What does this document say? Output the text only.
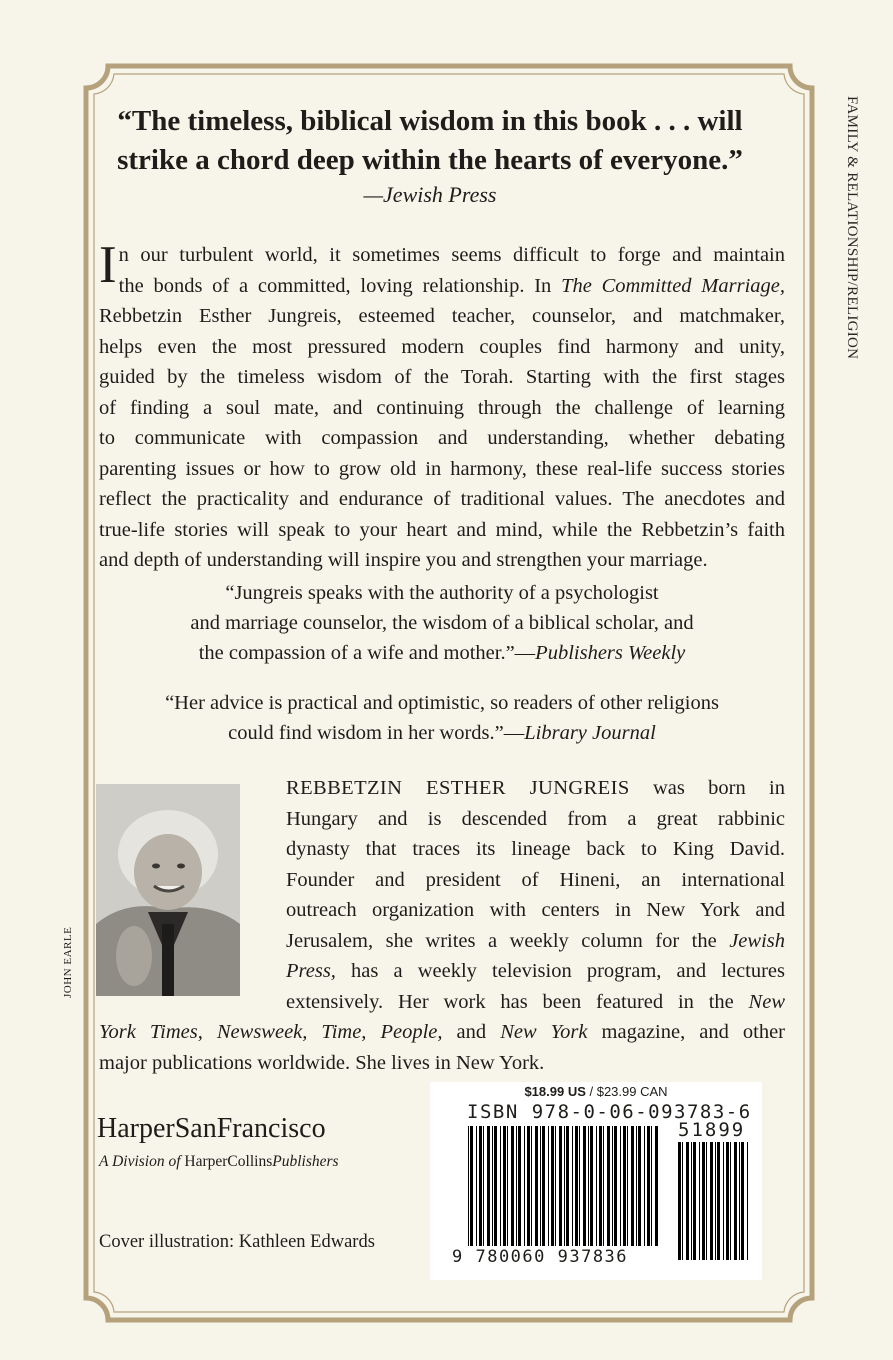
FAMILY & RELATIONSHIP/RELIGION
“The timeless, biblical wisdom in this book . . . will
strike a chord deep within the hearts of everyone.”
—Jewish Press
I n our turbulent world, it sometimes seems difficult to forge and maintain
the bonds of a committed, loving relationship. In The Committed Marriage,
Rebbetzin Esther Jungreis, esteemed teacher, counselor, and matchmaker,
helps even the most pressured modern couples find harmony and unity,
guided by the timeless wisdom of the Torah. Starting with the first stages
of finding a soul mate, and continuing through the challenge of learning
to communicate with compassion and understanding, whether debating
parenting issues or how to grow old in harmony, these real-life success stories
reflect the practicality and endurance of traditional values. The anecdotes and
true-life stories will speak to your heart and mind, while the Rebbetzin’s faith
and depth of understanding will inspire you and strengthen your marriage.
“Jungreis speaks with the authority of a psychologist
and marriage counselor, the wisdom of a biblical scholar, and
the compassion of a wife and mother.”—Publishers Weekly
“Her advice is practical and optimistic, so readers of other religions
could find wisdom in her words.”—Library Journal
JOHN EARLE
REBBETZIN ESTHER JUNGREIS was born in
Hungary and is descended from a great rabbinic
dynasty that traces its lineage back to King David.
Founder and president of Hineni, an international
outreach organization with centers in New York and
Jerusalem, she writes a weekly column for the Jewish
Press, has a weekly television program, and lectures
extensively. Her work has been featured in the New
York Times, Newsweek, Time, People, and New York magazine, and other
major publications worldwide. She lives in New York.
HarperSanFrancisco
A Division of HarperCollinsPublishers
Cover illustration: Kathleen Edwards
$18.99 US / $23.99 CAN
ISBN 978-0-06-093783-6
51899
9 780060 937836
